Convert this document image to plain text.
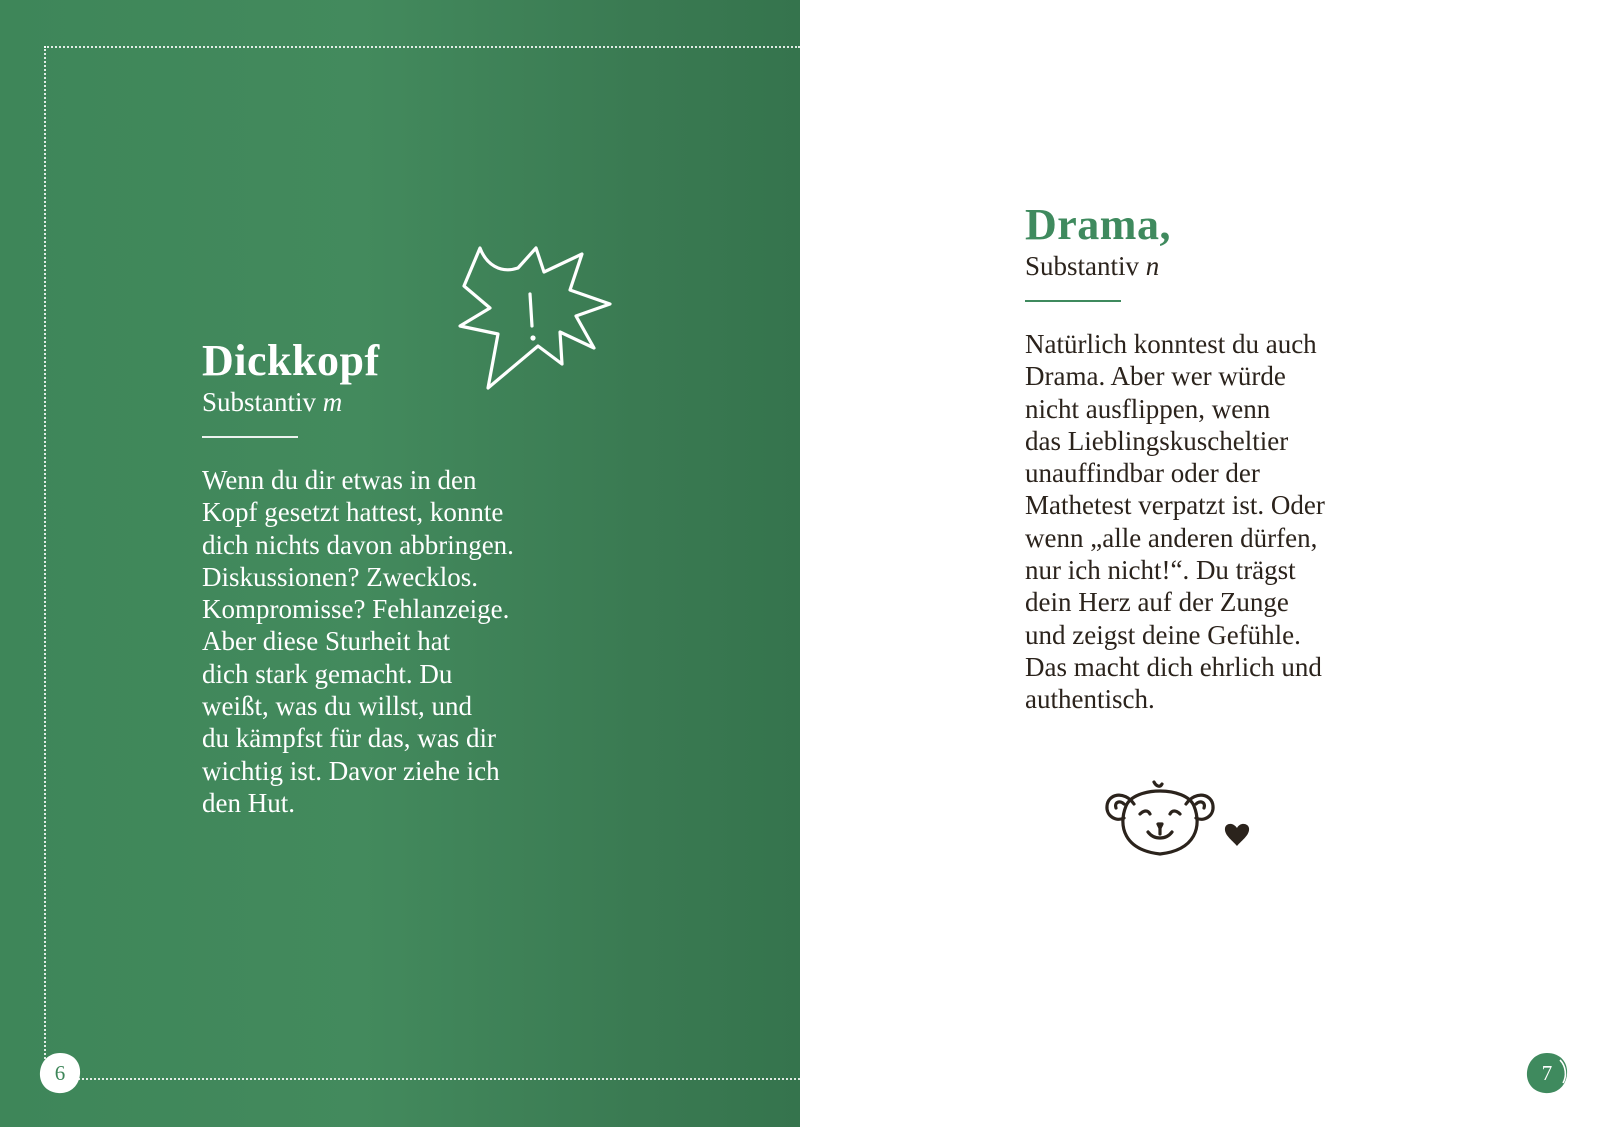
Dickkopf

Substantiv m

Wenn du dir etwas in den
Kopf gesetzt hattest, konnte
dich nichts davon abbringen.
Diskussionen? Zwecklos.
Kompromisse? Fehlanzeige.
Aber diese Sturheit hat
dich stark gemacht. Du
weißt, was du willst, und
du kämpfst für das, was dir
wichtig ist. Davor ziehe ich
den Hut.

6
Drama,

Substantiv n

Natürlich konntest du auch
Drama. Aber wer würde
nicht ausflippen, wenn
das Lieblingskuscheltier
unauffindbar oder der
Mathetest verpatzt ist. Oder
wenn „alle anderen dürfen,
nur ich nicht!“. Du trägst
dein Herz auf der Zunge
und zeigst deine Gefühle.
Das macht dich ehrlich und
authentisch.

7
